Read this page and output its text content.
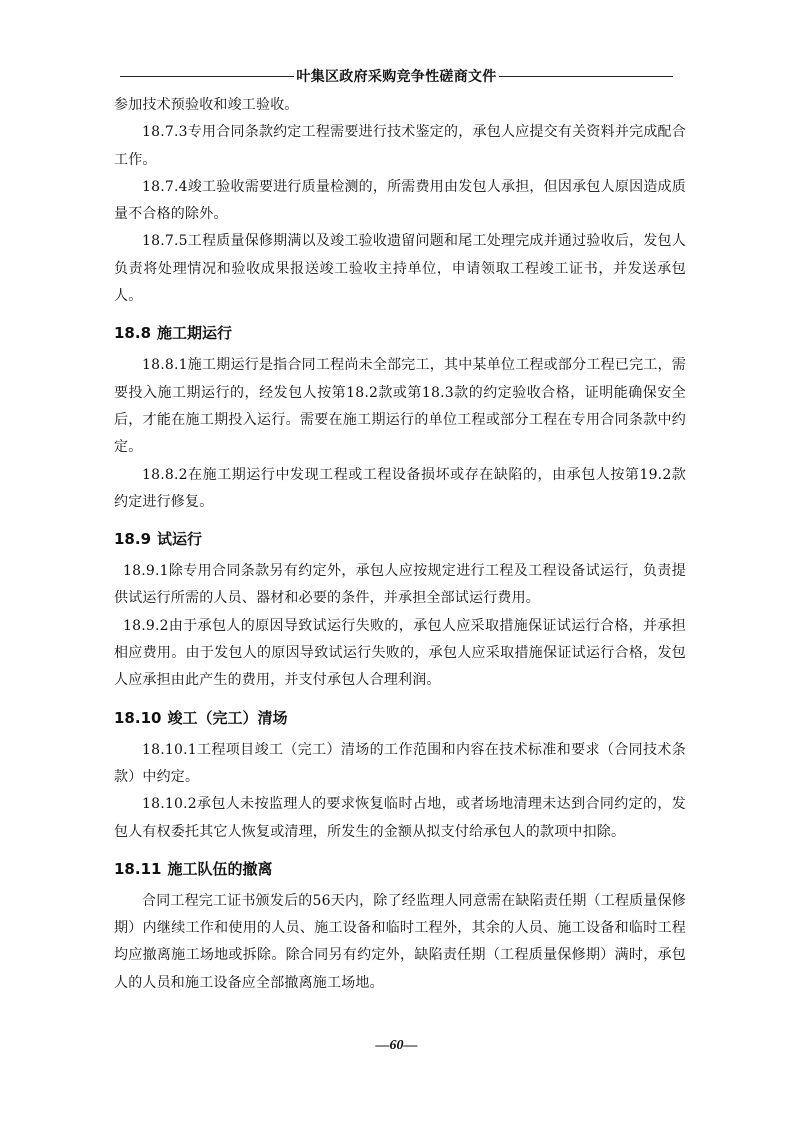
叶集区政府采购竞争性磋商文件

参加技术预验收和竣工验收。

18.7.3专用合同条款约定工程需要进行技术鉴定的，承包人应提交有关资料并完成配合工作。

18.7.4竣工验收需要进行质量检测的，所需费用由发包人承担，但因承包人原因造成质量不合格的除外。

18.7.5工程质量保修期满以及竣工验收遗留问题和尾工处理完成并通过验收后，发包人负责将处理情况和验收成果报送竣工验收主持单位，申请领取工程竣工证书，并发送承包人。

18.8 施工期运行

18.8.1施工期运行是指合同工程尚未全部完工，其中某单位工程或部分工程已完工，需要投入施工期运行的，经发包人按第18.2款或第18.3款的约定验收合格，证明能确保安全后，才能在施工期投入运行。需要在施工期运行的单位工程或部分工程在专用合同条款中约定。

18.8.2在施工期运行中发现工程或工程设备损坏或存在缺陷的，由承包人按第19.2款约定进行修复。

18.9 试运行

18.9.1除专用合同条款另有约定外，承包人应按规定进行工程及工程设备试运行，负责提供试运行所需的人员、器材和必要的条件，并承担全部试运行费用。

18.9.2由于承包人的原因导致试运行失败的，承包人应采取措施保证试运行合格，并承担相应费用。由于发包人的原因导致试运行失败的，承包人应采取措施保证试运行合格，发包人应承担由此产生的费用，并支付承包人合理利润。

18.10 竣工（完工）清场

18.10.1工程项目竣工（完工）清场的工作范围和内容在技术标准和要求（合同技术条款）中约定。

18.10.2承包人未按监理人的要求恢复临时占地，或者场地清理未达到合同约定的，发包人有权委托其它人恢复或清理，所发生的金额从拟支付给承包人的款项中扣除。

18.11 施工队伍的撤离

合同工程完工证书颁发后的56天内，除了经监理人同意需在缺陷责任期（工程质量保修期）内继续工作和使用的人员、施工设备和临时工程外，其余的人员、施工设备和临时工程均应撤离施工场地或拆除。除合同另有约定外，缺陷责任期（工程质量保修期）满时，承包人的人员和施工设备应全部撤离施工场地。

—60—
